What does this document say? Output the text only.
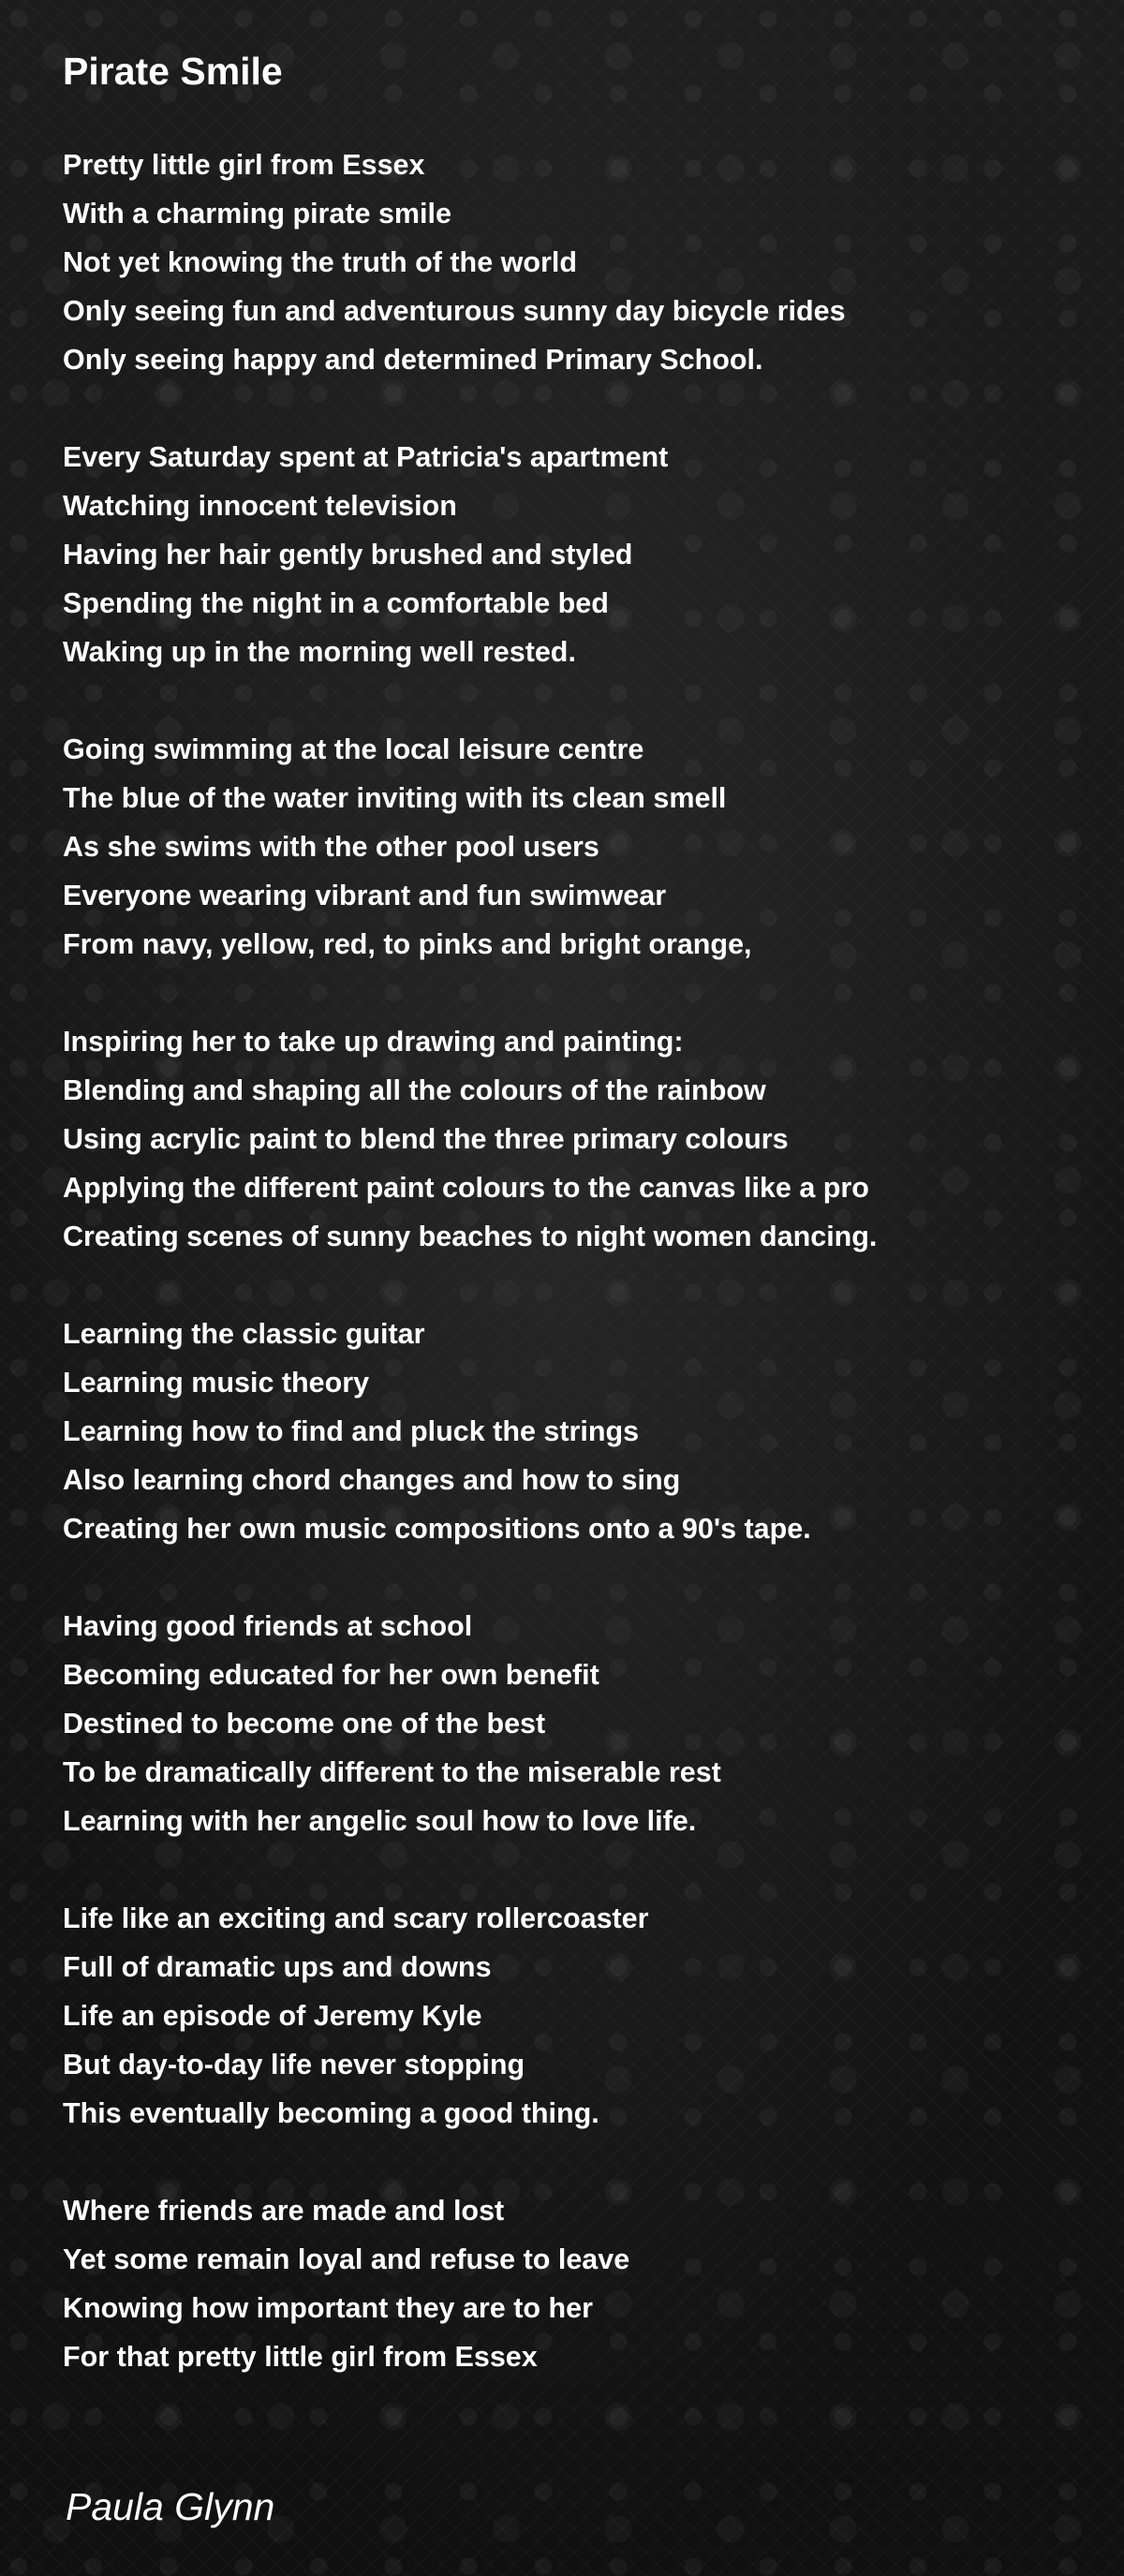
Pirate Smile
Pretty little girl from Essex
With a charming pirate smile
Not yet knowing the truth of the world
Only seeing fun and adventurous sunny day bicycle rides
Only seeing happy and determined Primary School.
Every Saturday spent at Patricia's apartment
Watching innocent television
Having her hair gently brushed and styled
Spending the night in a comfortable bed
Waking up in the morning well rested.
Going swimming at the local leisure centre
The blue of the water inviting with its clean smell
As she swims with the other pool users
Everyone wearing vibrant and fun swimwear
From navy, yellow, red, to pinks and bright orange,
Inspiring her to take up drawing and painting:
Blending and shaping all the colours of the rainbow
Using acrylic paint to blend the three primary colours
Applying the different paint colours to the canvas like a pro
Creating scenes of sunny beaches to night women dancing.
Learning the classic guitar
Learning music theory
Learning how to find and pluck the strings
Also learning chord changes and how to sing
Creating her own music compositions onto a 90's tape.
Having good friends at school
Becoming educated for her own benefit
Destined to become one of the best
To be dramatically different to the miserable rest
Learning with her angelic soul how to love life.
Life like an exciting and scary rollercoaster
Full of dramatic ups and downs
Life an episode of Jeremy Kyle
But day-to-day life never stopping
This eventually becoming a good thing.
Where friends are made and lost
Yet some remain loyal and refuse to leave
Knowing how important they are to her
For that pretty little girl from Essex
Paula Glynn
